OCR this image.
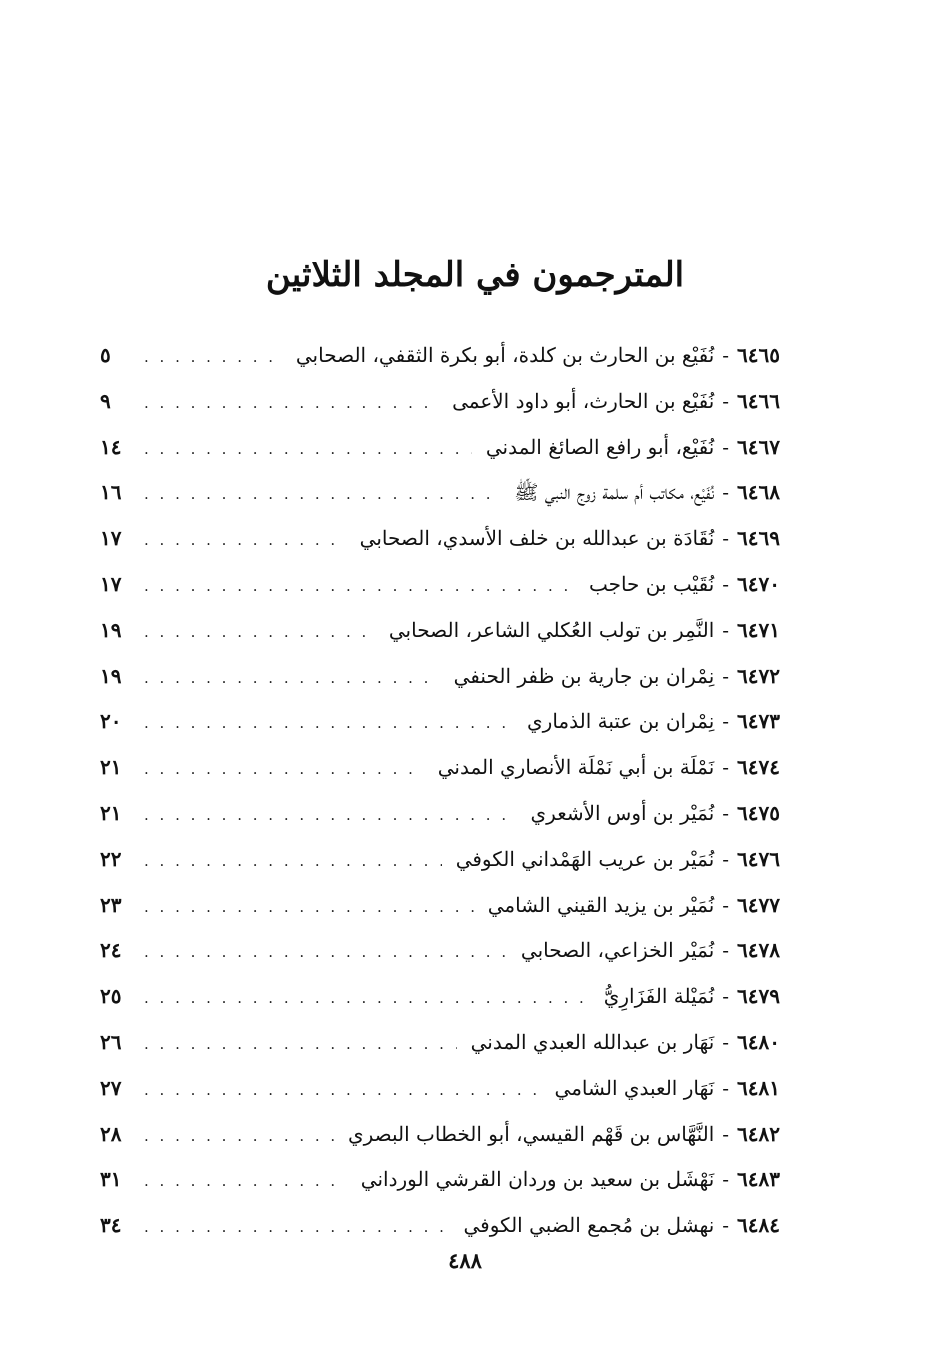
المترجمون في المجلد الثلاثين
٦٤٦٥
-
نُفَيْع بن الحارث بن كلدة، أبو بكرة الثقفي، الصحابي
. . .
٥
٦٤٦٦
-
نُفَيْع بن الحارث، أبو داود الأعمى
. . .
٩
٦٤٦٧
-
نُفَيْع، أبو رافع الصائغ المدني
. . .
١٤
٦٤٦٨
-
نُفَيْع، مكاتب أم سلمة زوج النبي ﷺ
. . .
١٦
٦٤٦٩
-
نُقَادَة بن عبدالله بن خلف الأسدي، الصحابي
. . .
١٧
٦٤٧٠
-
نُقَيْب بن حاجب
. . .
١٧
٦٤٧١
-
النَّمِر بن تولب العُكلي الشاعر، الصحابي
. . .
١٩
٦٤٧٢
-
نِمْران بن جارية بن ظفر الحنفي
. . .
١٩
٦٤٧٣
-
نِمْران بن عتبة الذماري
. . .
٢٠
٦٤٧٤
-
نَمْلَة بن أبي نَمْلَة الأنصاري المدني
. . .
٢١
٦٤٧٥
-
نُمَيْر بن أوس الأشعري
. . .
٢١
٦٤٧٦
-
نُمَيْر بن عريب الهَمْداني الكوفي
. . .
٢٢
٦٤٧٧
-
نُمَيْر بن يزيد القيني الشامي
. . .
٢٣
٦٤٧٨
-
نُمَيْر الخزاعي، الصحابي
. . .
٢٤
٦٤٧٩
-
نُمَيْلة الفَزَارِيُّ
. . .
٢٥
٦٤٨٠
-
نَهَار بن عبدالله العبدي المدني
. . .
٢٦
٦٤٨١
-
نَهَار العبدي الشامي
. . .
٢٧
٦٤٨٢
-
النَّهَّاس بن قَهْم القيسي، أبو الخطاب البصري
. . .
٢٨
٦٤٨٣
-
نَهْشَل بن سعيد بن وردان القرشي الورداني
. . .
٣١
٦٤٨٤
-
نهشل بن مُجمع الضبي الكوفي
. . .
٣٤
٤٨٨
